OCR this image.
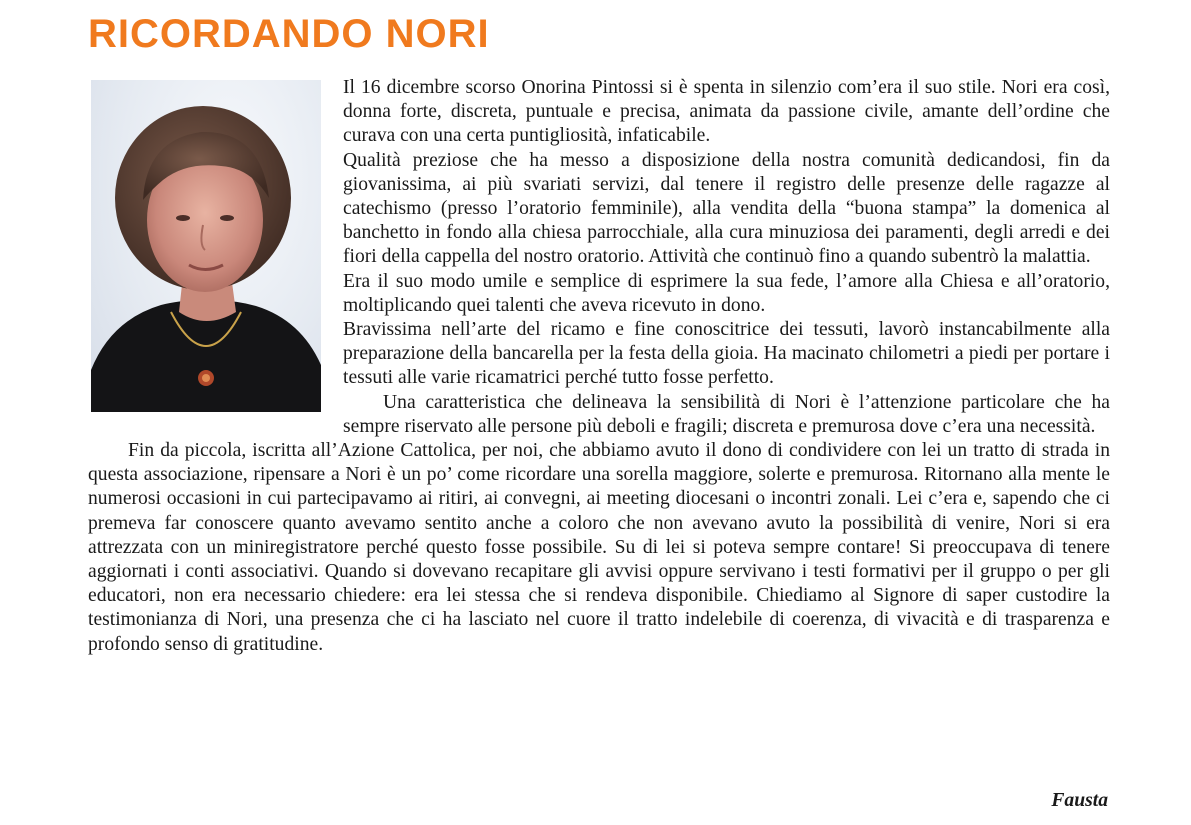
RICORDANDO NORI

Il 16 dicembre scorso Onorina Pintossi si è spenta in silenzio com’era il suo stile. Nori era così, donna forte, discreta, puntuale e precisa, animata da passione civile, amante dell’ordine che curava con una certa puntigliosità, infaticabile.

Qualità preziose che ha messo a disposizione della nostra comunità dedicandosi, fin da giovanissima, ai più svariati servizi, dal tenere il registro delle presenze delle ragazze al catechismo (presso l’oratorio femminile), alla vendita della “buona stampa” la domenica al banchetto in fondo alla chiesa parrocchiale, alla cura minuziosa dei paramenti, degli arredi e dei fiori della cappella del nostro oratorio. Attività che continuò fino a quando subentrò la malattia.

Era il suo modo umile e semplice di esprimere la sua fede, l’amore alla Chiesa e all’oratorio, moltiplicando quei talenti che aveva ricevuto in dono.

Bravissima nell’arte del ricamo e fine conoscitrice dei tessuti, lavorò instancabilmente alla preparazione della bancarella per la festa della gioia. Ha macinato chilometri a piedi per portare i tessuti alle varie ricamatrici perché tutto fosse perfetto.

Una caratteristica che delineava la sensibilità di Nori è l’attenzione particolare che ha sempre riservato alle persone più deboli e fragili; discreta e premurosa dove c’era una necessità.

Fin da piccola, iscritta all’Azione Cattolica, per noi, che abbiamo avuto il dono di condividere con lei un tratto di strada in questa associazione, ripensare a Nori è un po’ come ricordare una sorella maggiore, solerte e premurosa. Ritornano alla mente le numerosi occasioni in cui partecipavamo ai ritiri, ai convegni, ai meeting diocesani o incontri zonali. Lei c’era e, sapendo che ci premeva far conoscere quanto avevamo sentito anche a coloro che non avevano avuto la possibilità di venire, Nori si era attrezzata con un miniregistratore perché questo fosse possibile. Su di lei si poteva sempre contare! Si preoccupava di tenere aggiornati i conti associativi. Quando si dovevano recapitare gli avvisi oppure servivano i testi formativi per il gruppo o per gli educatori, non era necessario chiedere: era lei stessa che si rendeva disponibile. Chiediamo al Signore di saper custodire la testimonianza di Nori, una presenza che ci ha lasciato nel cuore il tratto indelebile di coerenza, di vivacità e di trasparenza e profondo senso di gratitudine.

Fausta
